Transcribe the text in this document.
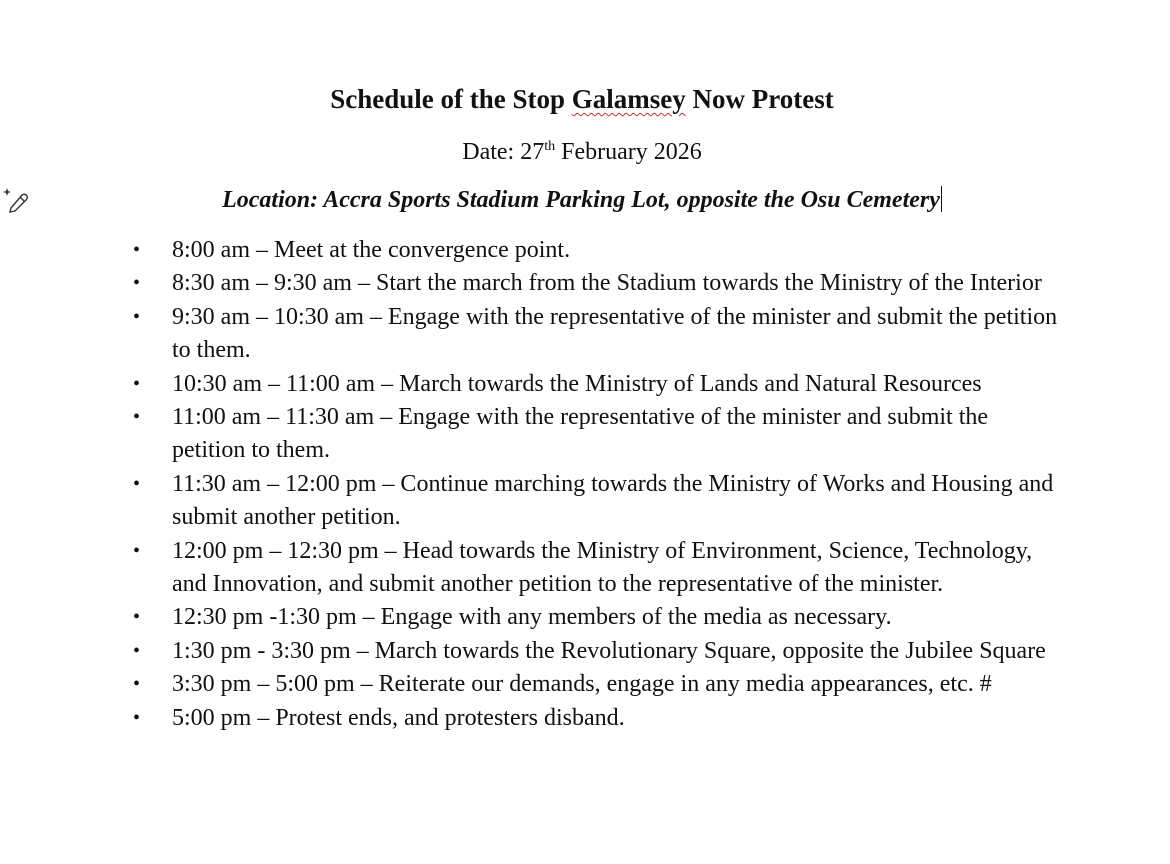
Schedule of the Stop Galamsey Now Protest
Date: 27th February 2026
Location: Accra Sports Stadium Parking Lot, opposite the Osu Cemetery
• 8:00 am – Meet at the convergence point.
• 8:30 am – 9:30 am – Start the march from the Stadium towards the Ministry of the Interior
• 9:30 am – 10:30 am – Engage with the representative of the minister and submit the petition to them.
• 10:30 am – 11:00 am – March towards the Ministry of Lands and Natural Resources
• 11:00 am – 11:30 am – Engage with the representative of the minister and submit the petition to them.
• 11:30 am – 12:00 pm – Continue marching towards the Ministry of Works and Housing and submit another petition.
• 12:00 pm – 12:30 pm – Head towards the Ministry of Environment, Science, Technology, and Innovation, and submit another petition to the representative of the minister.
• 12:30 pm -1:30 pm – Engage with any members of the media as necessary.
• 1:30 pm - 3:30 pm – March towards the Revolutionary Square, opposite the Jubilee Square
• 3:30 pm – 5:00 pm – Reiterate our demands, engage in any media appearances, etc. #
• 5:00 pm – Protest ends, and protesters disband.
